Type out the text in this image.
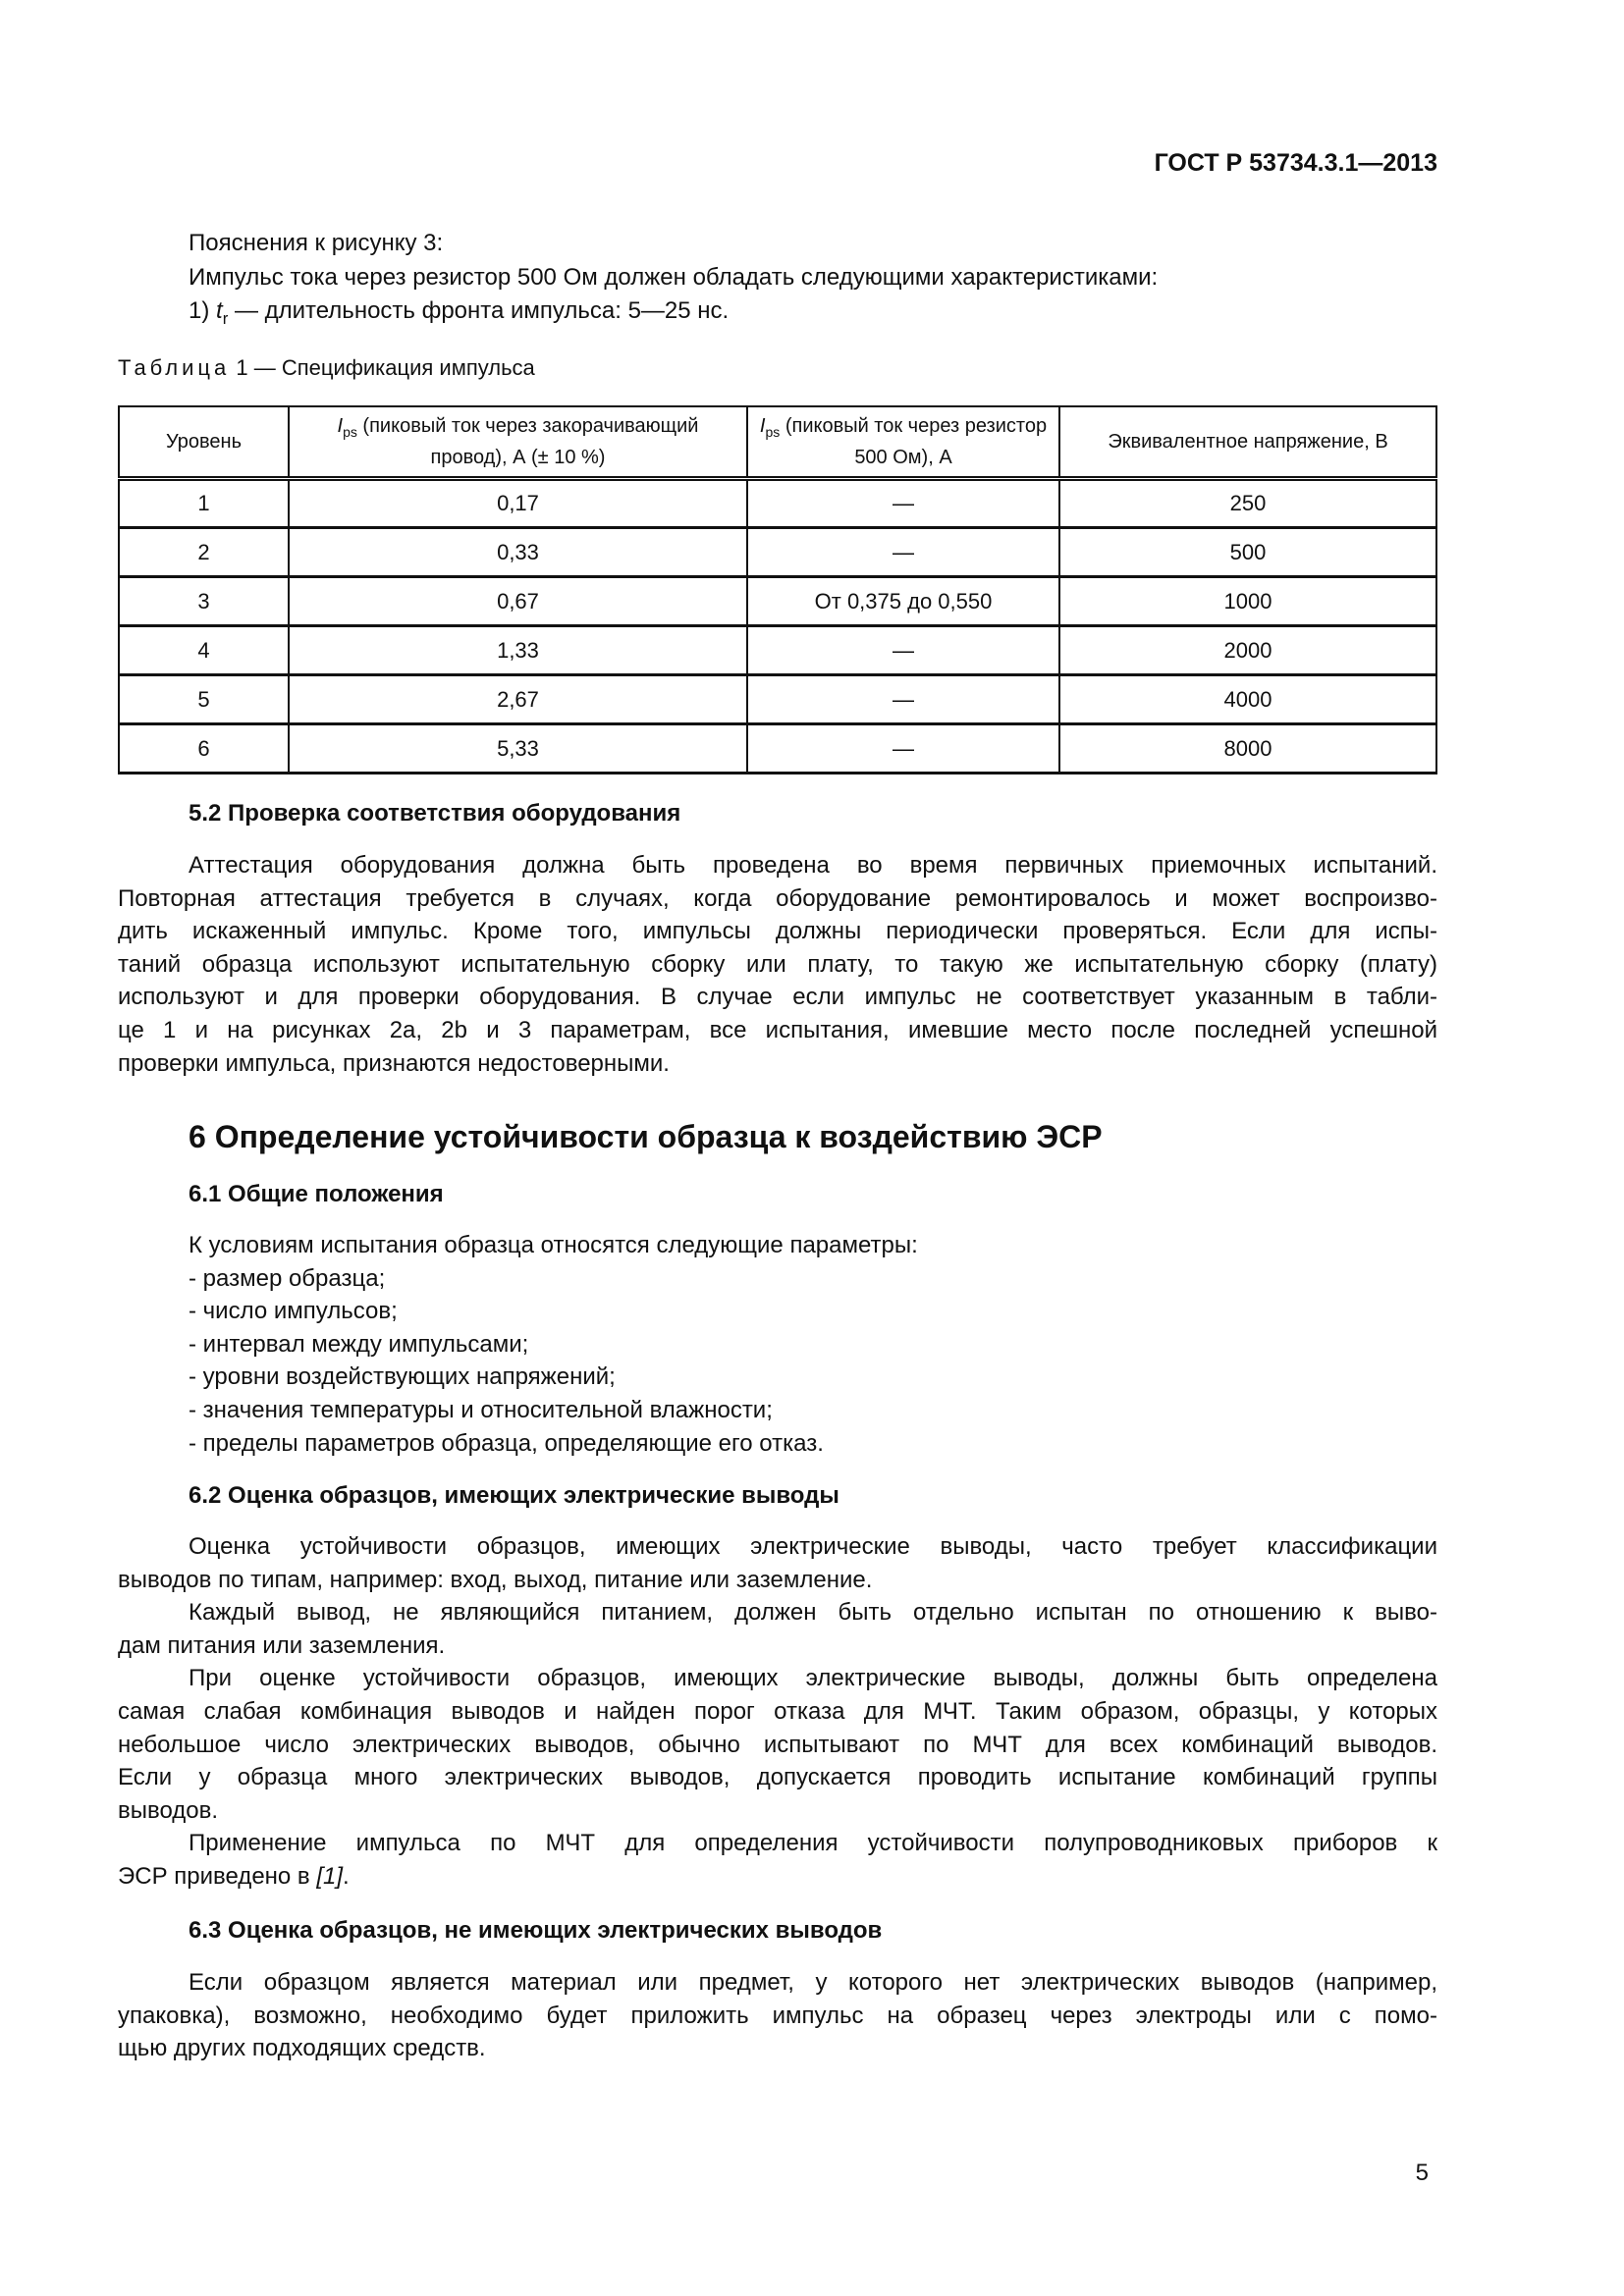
ГОСТ Р 53734.3.1—2013
Пояснения к рисунку 3:
Импульс тока через резистор 500 Ом должен обладать следующими характеристиками:
1) $t_r$ — длительность фронта импульса: 5—25 нс.
Таблица 1 — Спецификация импульса
Уровень	$I_{ps}$ (пиковый ток через закорачивающий провод), А (± 10 %)	$I_{ps}$ (пиковый ток через резистор 500 Ом), А	Эквивалентное напряжение, В
1	0,17	—	250
2	0,33	—	500
3	0,67	От 0,375 до 0,550	1000
4	1,33	—	2000
5	2,67	—	4000
6	5,33	—	8000
5.2 Проверка соответствия оборудования
Аттестация оборудования должна быть проведена во время первичных приемочных испытаний.
Повторная аттестация требуется в случаях, когда оборудование ремонтировалось и может воспроизво-
дить искаженный импульс. Кроме того, импульсы должны периодически проверяться. Если для испы-
таний образца используют испытательную сборку или плату, то такую же испытательную сборку (плату)
используют и для проверки оборудования. В случае если импульс не соответствует указанным в табли-
це 1 и на рисунках 2a, 2b и 3 параметрам, все испытания, имевшие место после последней успешной
проверки импульса, признаются недостоверными.
6 Определение устойчивости образца к воздействию ЭСР
6.1 Общие положения
К условиям испытания образца относятся следующие параметры:
- размер образца;
- число импульсов;
- интервал между импульсами;
- уровни воздействующих напряжений;
- значения температуры и относительной влажности;
- пределы параметров образца, определяющие его отказ.
6.2 Оценка образцов, имеющих электрические выводы
Оценка устойчивости образцов, имеющих электрические выводы, часто требует классификации
выводов по типам, например: вход, выход, питание или заземление.
Каждый вывод, не являющийся питанием, должен быть отдельно испытан по отношению к выво-
дам питания или заземления.
При оценке устойчивости образцов, имеющих электрические выводы, должны быть определена
самая слабая комбинация выводов и найден порог отказа для МЧТ. Таким образом, образцы, у которых
небольшое число электрических выводов, обычно испытывают по МЧТ для всех комбинаций выводов.
Если у образца много электрических выводов, допускается проводить испытание комбинаций группы
выводов.
Применение импульса по МЧТ для определения устойчивости полупроводниковых приборов к
ЭСР приведено в [1].
6.3 Оценка образцов, не имеющих электрических выводов
Если образцом является материал или предмет, у которого нет электрических выводов (например,
упаковка), возможно, необходимо будет приложить импульс на образец через электроды или с помо-
щью других подходящих средств.
5
